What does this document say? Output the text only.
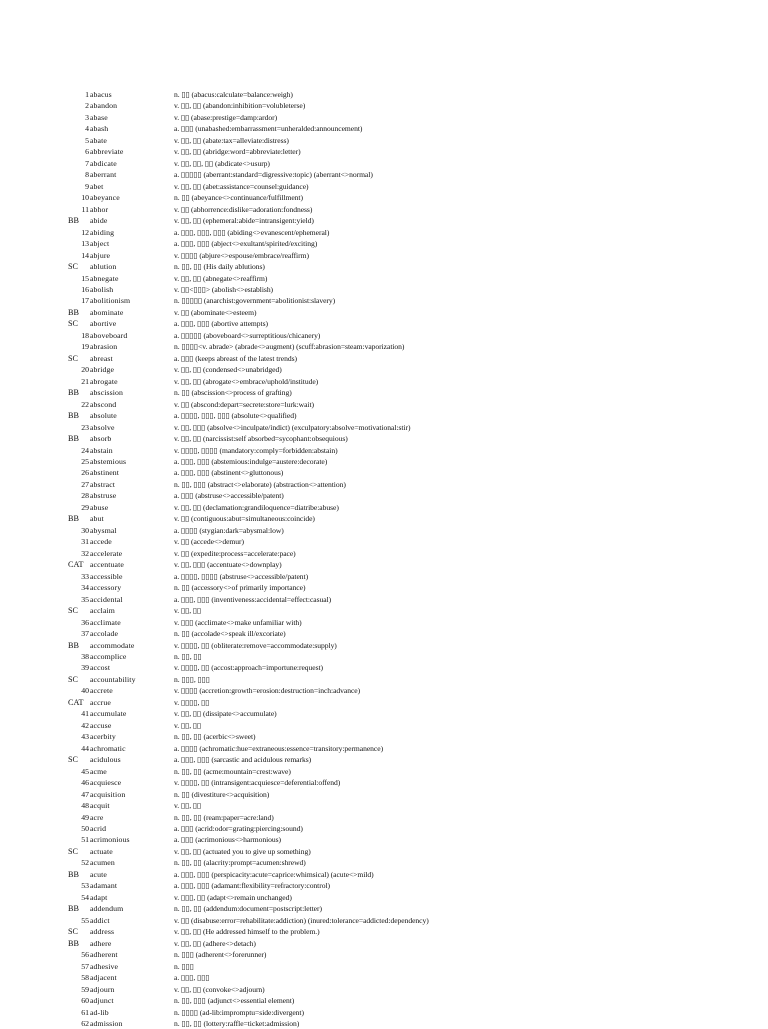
1 abacus	n. ▯▯ (abacus:calculate=balance:weigh)
2 abandon	v. ▯▯, ▯▯ (abandon:inhibition=volubleterse)
3 abase	v. ▯▯ (abase:prestige=damp:ardor)
4 abash	a. ▯▯▯ (unabashed:embarrassment=unheralded:announcement)
5 abate	v. ▯▯, ▯▯ (abate:tax=alleviate:distress)
6 abbreviate	v. ▯▯, ▯▯ (abridge:word=abbreviate:letter)
7 abdicate	v. ▯▯, ▯▯, ▯▯ (abdicate<>usurp)
8 aberrant	a. ▯▯▯▯▯ (aberrant:standard=digressive:topic) (aberrant<>normal)
9 abet	v. ▯▯, ▯▯ (abet:assistance=counsel:guidance)
10 abeyance	n. ▯▯ (abeyance<>continuance/fulfillment)
11 abhor	v. ▯▯ (abhorrence:dislike=adoration:fondness)
BB	abide	v. ▯▯, ▯▯ (ephemeral:abide=intransigent:yield)
12 abiding	a. ▯▯▯, ▯▯▯, ▯▯▯ (abiding<>evanescent/ephemeral)
13 abject	a. ▯▯▯, ▯▯▯ (abject<>exultant/spirited/exciting)
14 abjure	v. ▯▯▯▯ (abjure<>espouse/embrace/reaffirm)
SC	ablution	n. ▯▯, ▯▯ (His daily ablutions)
15 abnegate	v. ▯▯, ▯▯ (abnegate<>reaffirm)
16 abolish	v. ▯▯<▯▯▯> (abolish<>establish)
17 abolitionism	n. ▯▯▯▯▯ (anarchist:government=abolitionist:slavery)
BB	abominate	v. ▯▯ (abominate<>esteem)
SC	abortive	a. ▯▯▯, ▯▯▯ (abortive attempts)
18 aboveboard	a. ▯▯▯▯▯ (aboveboard<>surreptitious/chicanery)
19 abrasion	n. ▯▯▯▯<v. abrade> (abrade<>augment) (scuff:abrasion=steam:vaporization)
SC	abreast	a. ▯▯▯ (keeps abreast of the latest trends)
20 abridge	v. ▯▯, ▯▯ (condensed<>unabridged)
21 abrogate	v. ▯▯, ▯▯ (abrogate<>embrace/uphold/institude)
BB	abscission	n. ▯▯ (abscission<>process of grafting)
22 abscond	v. ▯▯ (abscond:depart=secrete:store=lurk:wait)
BB	absolute	a. ▯▯▯▯, ▯▯▯, ▯▯▯ (absolute<>qualified)
23 absolve	v. ▯▯, ▯▯▯ (absolve<>inculpate/indict) (exculpatory:absolve=motivational:stir)
BB	absorb	v. ▯▯, ▯▯ (narcissist:self absorbed=sycophant:obsequious)
24 abstain	v. ▯▯▯▯, ▯▯▯▯ (mandatory:comply=forbidden:abstain)
25 abstemious	a. ▯▯▯, ▯▯▯ (abstemious:indulge=austere:decorate)
26 abstinent	a. ▯▯▯, ▯▯▯ (abstinent<>gluttonous)
27 abstract	n. ▯▯, ▯▯▯ (abstract<>elaborate) (abstraction<>attention)
28 abstruse	a. ▯▯▯ (abstruse<>accessible/patent)
29 abuse	v. ▯▯, ▯▯ (declamation:grandiloquence=diatribe:abuse)
BB	abut	v. ▯▯ (contiguous:abut=simultaneous:coincide)
30 abysmal	a. ▯▯▯▯ (stygian:dark=abysmal:low)
31 accede	v. ▯▯ (accede<>demur)
32 accelerate	v. ▯▯ (expedite:process=accelerate:pace)
CAT accentuate	v. ▯▯, ▯▯▯ (accentuate<>downplay)
33 accessible	a. ▯▯▯▯, ▯▯▯▯ (abstruse<>accessible/patent)
34 accessory	n. ▯▯ (accessory<>of primarily importance)
35 accidental	a. ▯▯▯, ▯▯▯ (inventiveness:accidental=effect:casual)
SC	acclaim	v. ▯▯, ▯▯
36 acclimate	v. ▯▯▯ (acclimate<>make unfamiliar with)
37 accolade	n. ▯▯ (accolade<>speak ill/excoriate)
BB	accommodate	v. ▯▯▯▯, ▯▯ (obliterate:remove=accommodate:supply)
38 accomplice	n. ▯▯, ▯▯
39 accost	v. ▯▯▯▯, ▯▯ (accost:approach=importune:request)
SC	accountability	n. ▯▯▯, ▯▯▯
40 accrete	v. ▯▯▯▯ (accretion:growth=erosion:destruction=inch:advance)
CAT accrue	v. ▯▯▯▯, ▯▯
41 accumulate	v. ▯▯, ▯▯ (dissipate<>accumulate)
42 accuse	v. ▯▯, ▯▯
43 acerbity	n. ▯▯, ▯▯ (acerbic<>sweet)
44 achromatic	a. ▯▯▯▯ (achromatic:hue=extraneous:essence=transitory:permanence)
SC	acidulous	a. ▯▯▯, ▯▯▯ (sarcastic and acidulous remarks)
45 acme	n. ▯▯, ▯▯ (acme:mountain=crest:wave)
46 acquiesce	v. ▯▯▯▯, ▯▯ (intransigent:acquiesce=deferential:offend)
47 acquisition	n. ▯▯ (divestiture<>acquisition)
48 acquit	v. ▯▯, ▯▯
49 acre	n. ▯▯, ▯▯ (ream:paper=acre:land)
50 acrid	a. ▯▯▯ (acrid:odor=grating:piercing:sound)
51 acrimonious	a. ▯▯▯ (acrimonious<>harmonious)
SC	actuate	v. ▯▯, ▯▯ (actuated you to give up something)
52 acumen	n. ▯▯, ▯▯ (alacrity:prompt=acumen:shrewd)
BB	acute	a. ▯▯▯, ▯▯▯ (perspicacity:acute=caprice:whimsical) (acute<>mild)
53 adamant	a. ▯▯▯, ▯▯▯ (adamant:flexibility=refractory:control)
54 adapt	v. ▯▯▯, ▯▯ (adapt<>remain unchanged)
BB	addendum	n. ▯▯, ▯▯ (addendum:document=postscript:letter)
55 addict	v. ▯▯ (disabuse:error=rehabilitate:addiction) (inured:tolerance=addicted:dependency)
SC	address	v. ▯▯, ▯▯ (He addressed himself to the problem.)
BB	adhere	v. ▯▯, ▯▯ (adhere<>detach)
56 adherent	n. ▯▯▯ (adherent<>forerunner)
57 adhesive	n. ▯▯▯
58 adjacent	a. ▯▯▯, ▯▯▯
59 adjourn	v. ▯▯, ▯▯ (convoke<>adjourn)
60 adjunct	n. ▯▯, ▯▯▯ (adjunct<>essential element)
61 ad-lib	n. ▯▯▯▯ (ad-lib:impromptu=side:divergent)
62 admission	n. ▯▯, ▯▯ (lottery:raffle=ticket:admission)
